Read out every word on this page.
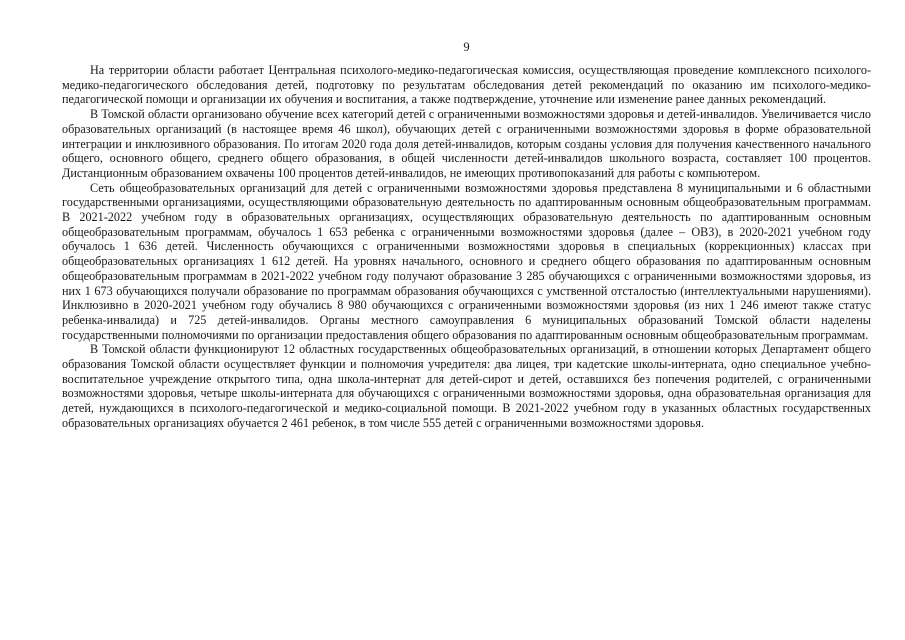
9

На территории области работает Центральная психолого-медико-педагогическая комиссия, осуществляющая проведение комплексного психолого-медико-педагогического обследования детей, подготовку по результатам обследования детей рекомендаций по оказанию им психолого-медико-педагогической помощи и организации их обучения и воспитания, а также подтверждение, уточнение или изменение ранее данных рекомендаций.

В Томской области организовано обучение всех категорий детей с ограниченными возможностями здоровья и детей-инвалидов. Увеличивается число образовательных организаций (в настоящее время 46 школ), обучающих детей с ограниченными возможностями здоровья в форме образовательной интеграции и инклюзивного образования. По итогам 2020 года доля детей-инвалидов, которым созданы условия для получения качественного начального общего, основного общего, среднего общего образования, в общей численности детей-инвалидов школьного возраста, составляет 100 процентов. Дистанционным образованием охвачены 100 процентов детей-инвалидов, не имеющих противопоказаний для работы с компьютером.

Сеть общеобразовательных организаций для детей с ограниченными возможностями здоровья представлена 8 муниципальными и 6 областными государственными организациями, осуществляющими образовательную деятельность по адаптированным основным общеобразовательным программам. В 2021-2022 учебном году в образовательных организациях, осуществляющих образовательную деятельность по адаптированным основным общеобразовательным программам, обучалось 1 653 ребенка с ограниченными возможностями здоровья (далее – ОВЗ), в 2020-2021 учебном году обучалось 1 636 детей. Численность обучающихся с ограниченными возможностями здоровья в специальных (коррекционных) классах при общеобразовательных организациях 1 612 детей. На уровнях начального, основного и среднего общего образования по адаптированным основным общеобразовательным программам в 2021-2022 учебном году получают образование 3 285 обучающихся с ограниченными возможностями здоровья, из них 1 673 обучающихся получали образование по программам образования обучающихся с умственной отсталостью (интеллектуальными нарушениями). Инклюзивно в 2020-2021 учебном году обучались 8 980 обучающихся с ограниченными возможностями здоровья (из них 1 246 имеют также статус ребенка-инвалида) и 725 детей-инвалидов. Органы местного самоуправления 6 муниципальных образований Томской области наделены государственными полномочиями по организации предоставления общего образования по адаптированным основным общеобразовательным программам.

В Томской области функционируют 12 областных государственных общеобразовательных организаций, в отношении которых Департамент общего образования Томской области осуществляет функции и полномочия учредителя: два лицея, три кадетские школы-интерната, одно специальное учебно-воспитательное учреждение открытого типа, одна школа-интернат для детей-сирот и детей, оставшихся без попечения родителей, с ограниченными возможностями здоровья, четыре школы-интерната для обучающихся с ограниченными возможностями здоровья, одна образовательная организация для детей, нуждающихся в психолого-педагогической и медико-социальной помощи. В 2021-2022 учебном году в указанных областных государственных образовательных организациях обучается 2 461 ребенок, в том числе 555 детей с ограниченными возможностями здоровья.
